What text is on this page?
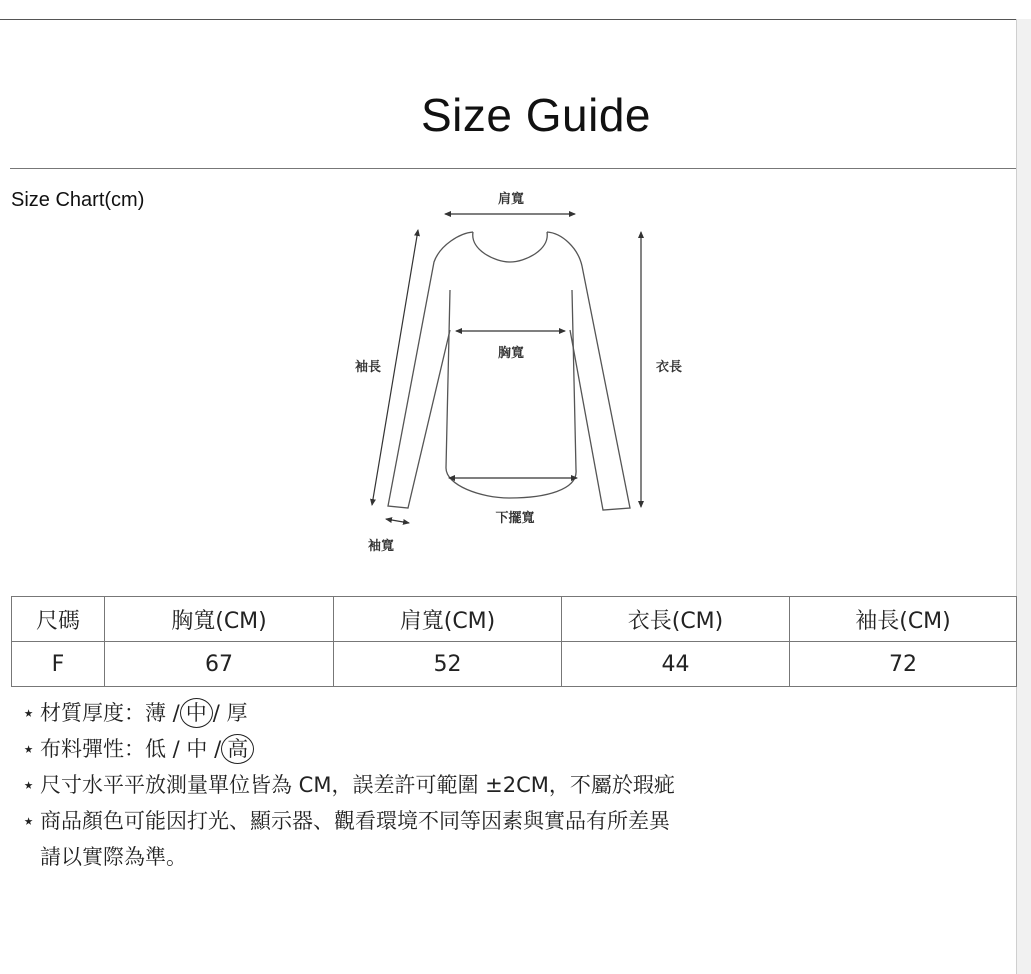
Size Guide
Size Chart(cm)	肩寬
胸寬
下擺寬
衣長
袖長
袖寬
尺碼	胸寬(CM)	肩寬(CM)	衣長(CM)	袖長(CM)
F	67	52	44	72
⋆ 材質厚度：薄 / 中 / 厚
⋆ 布料彈性：低 / 中 / 高
⋆ 尺寸水平平放測量單位皆為 CM，誤差許可範圍 ±2CM，不屬於瑕疵
⋆ 商品顏色可能因打光、顯示器、觀看環境不同等因素與實品有所差異
請以實際為準。
